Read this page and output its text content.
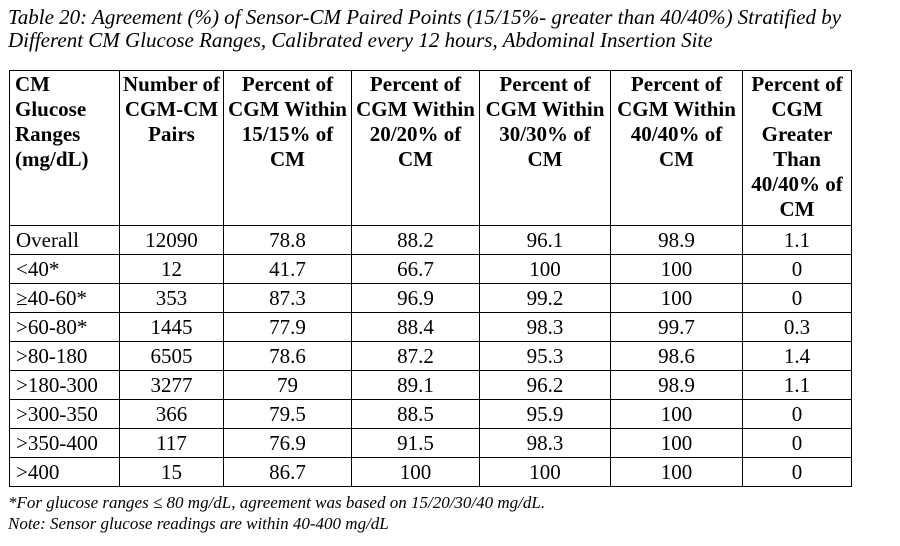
Table 20: Agreement (%) of Sensor-CM Paired Points (15/15%- greater than 40/40%) Stratified by Different CM Glucose Ranges, Calibrated every 12 hours, Abdominal Insertion Site

CM Glucose Ranges (mg/dL)	Number of CGM-CM Pairs	Percent of CGM Within 15/15% of CM	Percent of CGM Within 20/20% of CM	Percent of CGM Within 30/30% of CM	Percent of CGM Within 40/40% of CM	Percent of CGM Greater Than 40/40% of CM
Overall	12090	78.8	88.2	96.1	98.9	1.1
<40*	12	41.7	66.7	100	100	0
≥40-60*	353	87.3	96.9	99.2	100	0
>60-80*	1445	77.9	88.4	98.3	99.7	0.3
>80-180	6505	78.6	87.2	95.3	98.6	1.4
>180-300	3277	79	89.1	96.2	98.9	1.1
>300-350	366	79.5	88.5	95.9	100	0
>350-400	117	76.9	91.5	98.3	100	0
>400	15	86.7	100	100	100	0

*For glucose ranges ≤ 80 mg/dL, agreement was based on 15/20/30/40 mg/dL.

Note: Sensor glucose readings are within 40-400 mg/dL
